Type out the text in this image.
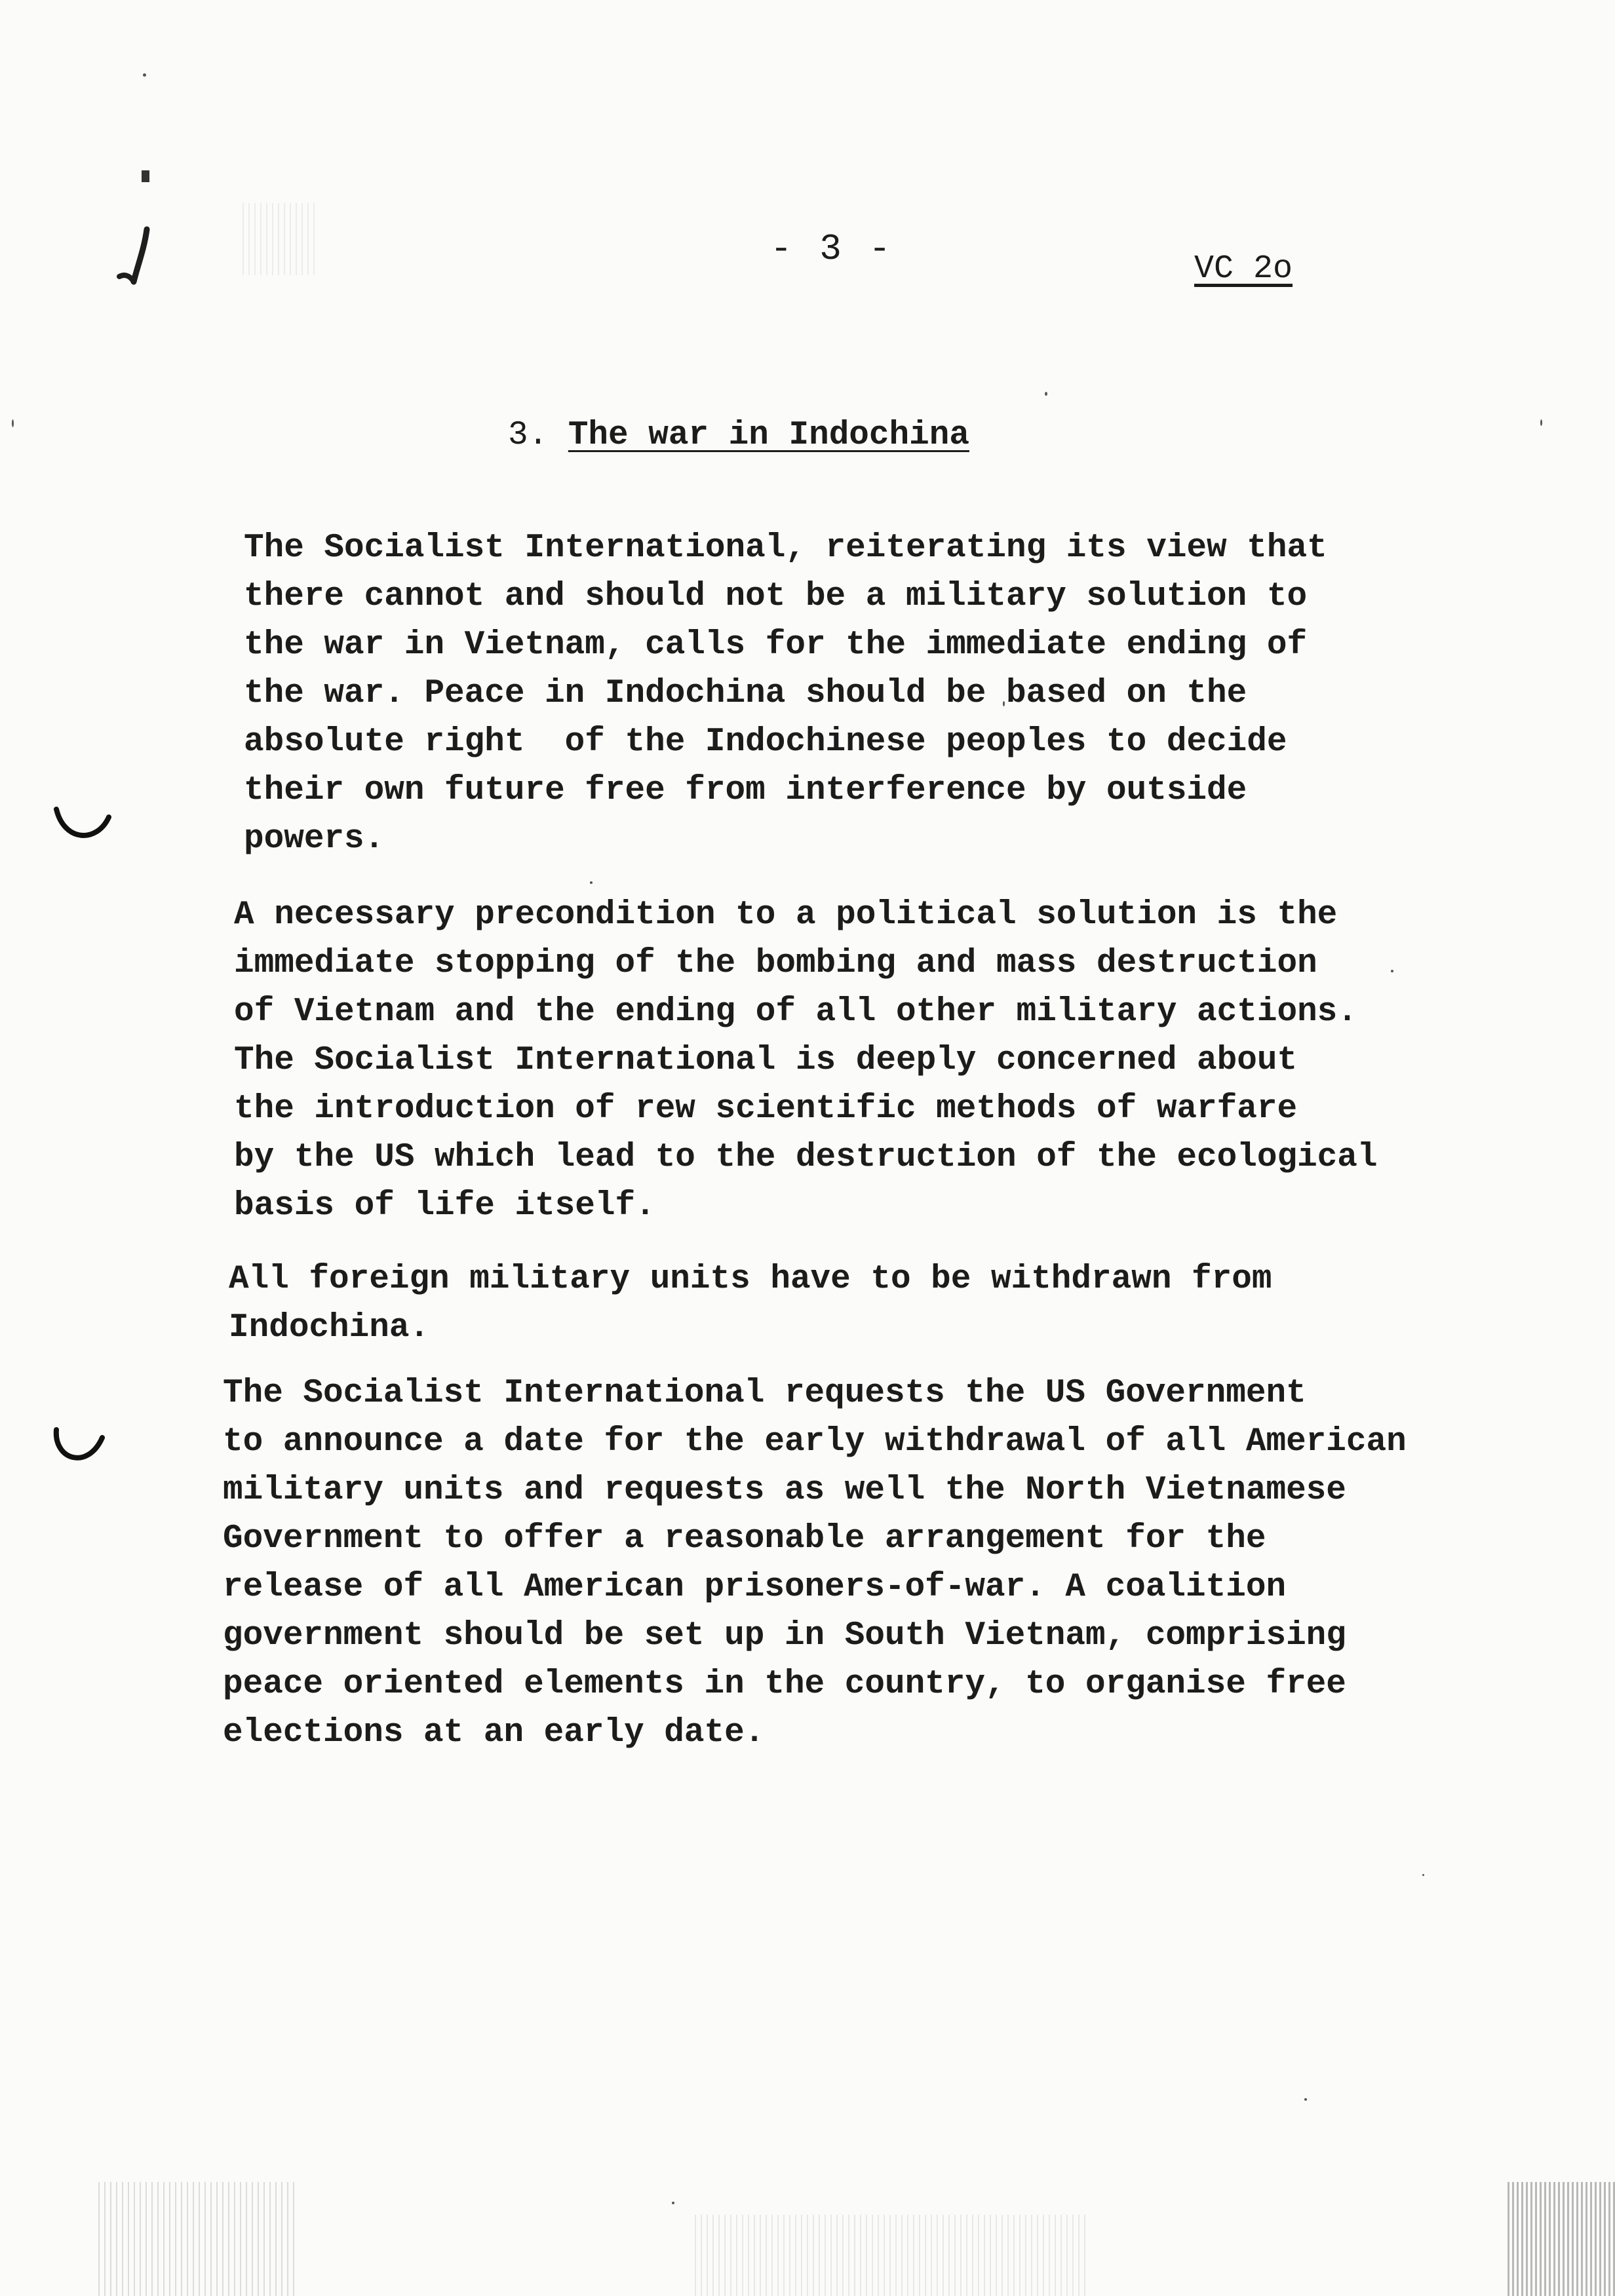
- 3 -	VC 2o
3. The war in Indochina

The Socialist International, reiterating its view that
there cannot and should not be a military solution to
the war in Vietnam, calls for the immediate ending of
the war. Peace in Indochina should be based on the
absolute right  of the Indochinese peoples to decide
their own future free from interference by outside
powers.

A necessary precondition to a political solution is the
immediate stopping of the bombing and mass destruction
of Vietnam and the ending of all other military actions.
The Socialist International is deeply concerned about
the introduction of rew scientific methods of warfare
by the US which lead to the destruction of the ecological
basis of life itself.

All foreign military units have to be withdrawn from
Indochina.

The Socialist International requests the US Government
to announce a date for the early withdrawal of all American
military units and requests as well the North Vietnamese
Government to offer a reasonable arrangement for the
release of all American prisoners-of-war. A coalition
government should be set up in South Vietnam, comprising
peace oriented elements in the country, to organise free
elections at an early date.
